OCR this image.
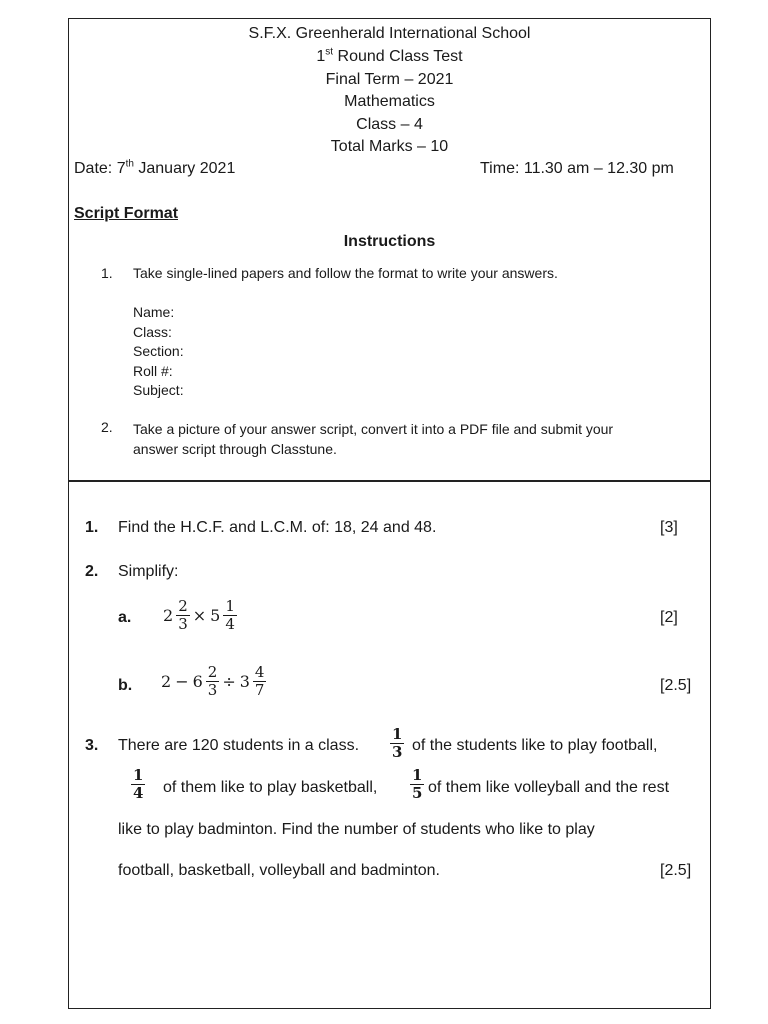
S.F.X. Greenherald International School
1st Round Class Test
Final Term – 2021
Mathematics
Class – 4
Total Marks – 10
Date: 7th January 2021	Time: 11.30 am – 12.30 pm
Script Format
Instructions
1. Take single-lined papers and follow the format to write your answers.
Name:
Class:
Section:
Roll #:
Subject:
2. Take a picture of your answer script, convert it into a PDF file and submit your
answer script through Classtune.
1. Find the H.C.F. and L.C.M. of: 18, 24 and 48.	[3]
2. Simplify:
a. $2 \frac{2}{3} \times 5 \frac{1}{4}$	[2]
b. $2 - 6 \frac{2}{3} \div 3 \frac{4}{7}$	[2.5]
3. There are 120 students in a class. $\frac{1}{3}$ of the students like to play football,
$\frac{1}{4}$ of them like to play basketball, $\frac{1}{5}$ of them like volleyball and the rest
like to play badminton. Find the number of students who like to play
football, basketball, volleyball and badminton.	[2.5]
